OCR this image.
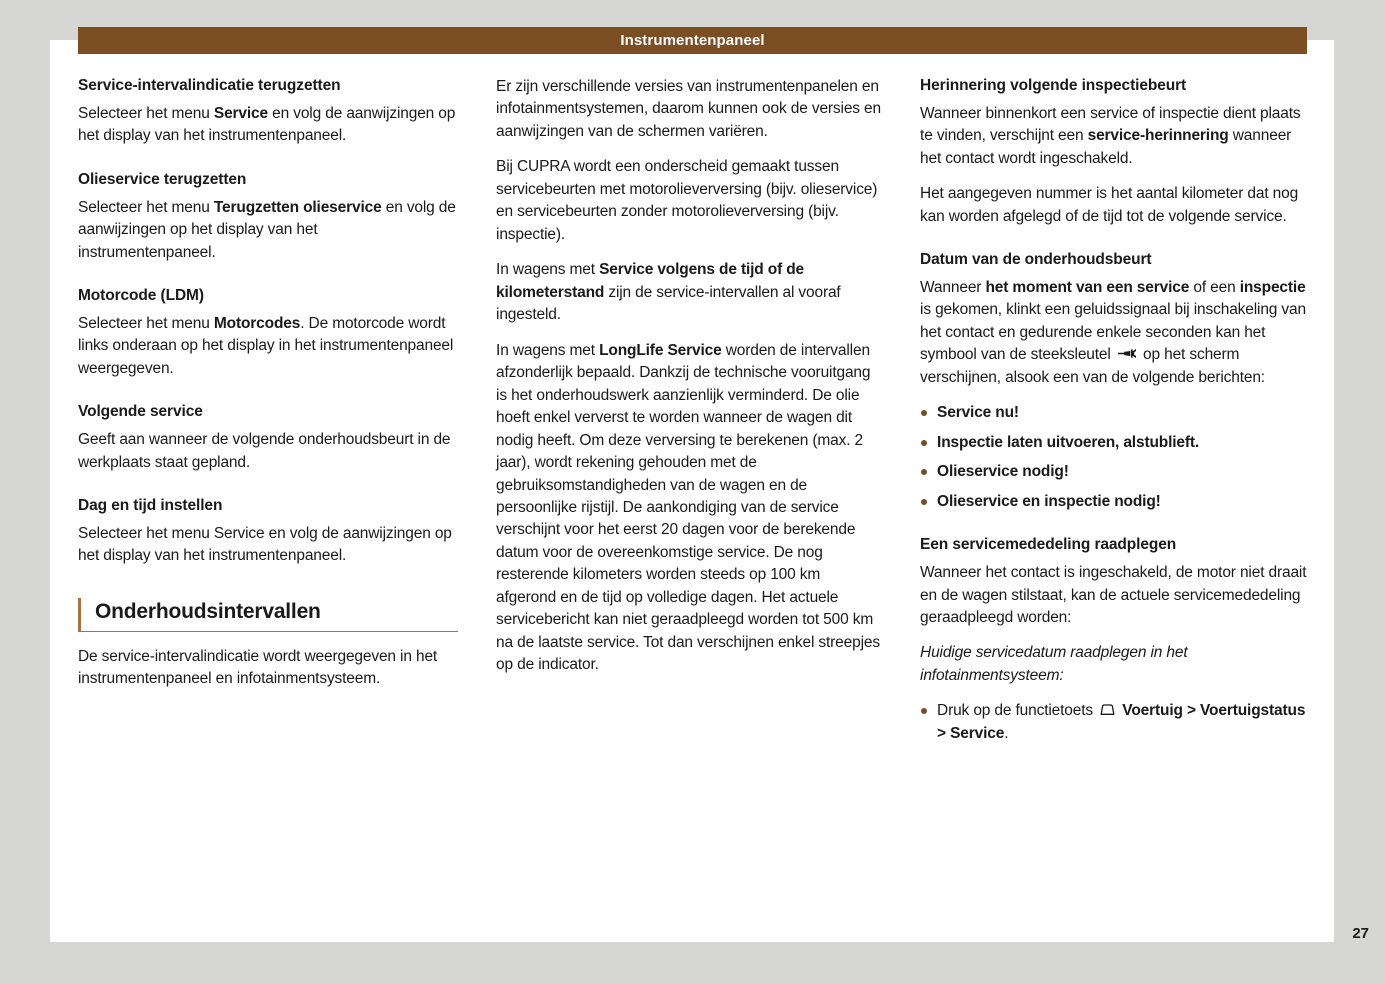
Instrumentenpaneel
27
Service-intervalindicatie terugzetten

Selecteer het menu Service en volg de aanwijzingen op het display van het instrumentenpaneel.

Olieservice terugzetten

Selecteer het menu Terugzetten olieservice en volg de aanwijzingen op het display van het instrumentenpaneel.

Motorcode (LDM)

Selecteer het menu Motorcodes. De motorcode wordt links onderaan op het display in het instrumentenpaneel weergegeven.

Volgende service

Geeft aan wanneer de volgende onderhoudsbeurt in de werkplaats staat gepland.

Dag en tijd instellen

Selecteer het menu Service en volg de aanwijzingen op het display van het instrumentenpaneel.

Onderhoudsintervallen

De service-intervalindicatie wordt weergegeven in het instrumentenpaneel en infotainmentsysteem.

Er zijn verschillende versies van instrumentenpanelen en infotainmentsystemen, daarom kunnen ook de versies en aanwijzingen van de schermen variëren.

Bij CUPRA wordt een onderscheid gemaakt tussen servicebeurten met motorolieverversing (bijv. olieservice) en servicebeurten zonder motorolieverversing (bijv. inspectie).

In wagens met Service volgens de tijd of de kilometerstand zijn de service-intervallen al vooraf ingesteld.

In wagens met LongLife Service worden de intervallen afzonderlijk bepaald. Dankzij de technische vooruitgang is het onderhoudswerk aanzienlijk verminderd. De olie hoeft enkel ververst te worden wanneer de wagen dit nodig heeft. Om deze verversing te berekenen (max. 2 jaar), wordt rekening gehouden met de gebruiksomstandigheden van de wagen en de persoonlijke rijstijl. De aankondiging van de service verschijnt voor het eerst 20 dagen voor de berekende datum voor de overeenkomstige service. De nog resterende kilometers worden steeds op 100 km afgerond en de tijd op volledige dagen. Het actuele servicebericht kan niet geraadpleegd worden tot 500 km na de laatste service. Tot dan verschijnen enkel streepjes op de indicator.

Herinnering volgende inspectiebeurt

Wanneer binnenkort een service of inspectie dient plaats te vinden, verschijnt een service-herinnering wanneer het contact wordt ingeschakeld.

Het aangegeven nummer is het aantal kilometer dat nog kan worden afgelegd of de tijd tot de volgende service.

Datum van de onderhoudsbeurt

Wanneer het moment van een service of een inspectie is gekomen, klinkt een geluidssignaal bij inschakeling van het contact en gedurende enkele seconden kan het symbool van de steeksleutel
op het scherm verschijnen, alsook een van de volgende berichten:

Service nu!
Inspectie laten uitvoeren, alstublieft.
Olieservice nodig!
Olieservice en inspectie nodig!
Een servicemededeling raadplegen

Wanneer het contact is ingeschakeld, de motor niet draait en de wagen stilstaat, kan de actuele servicemededeling geraadpleegd worden:

Huidige servicedatum raadplegen in het infotainmentsysteem:

Druk op de functietoets
Voertuig > Voertuigstatus > Service.
